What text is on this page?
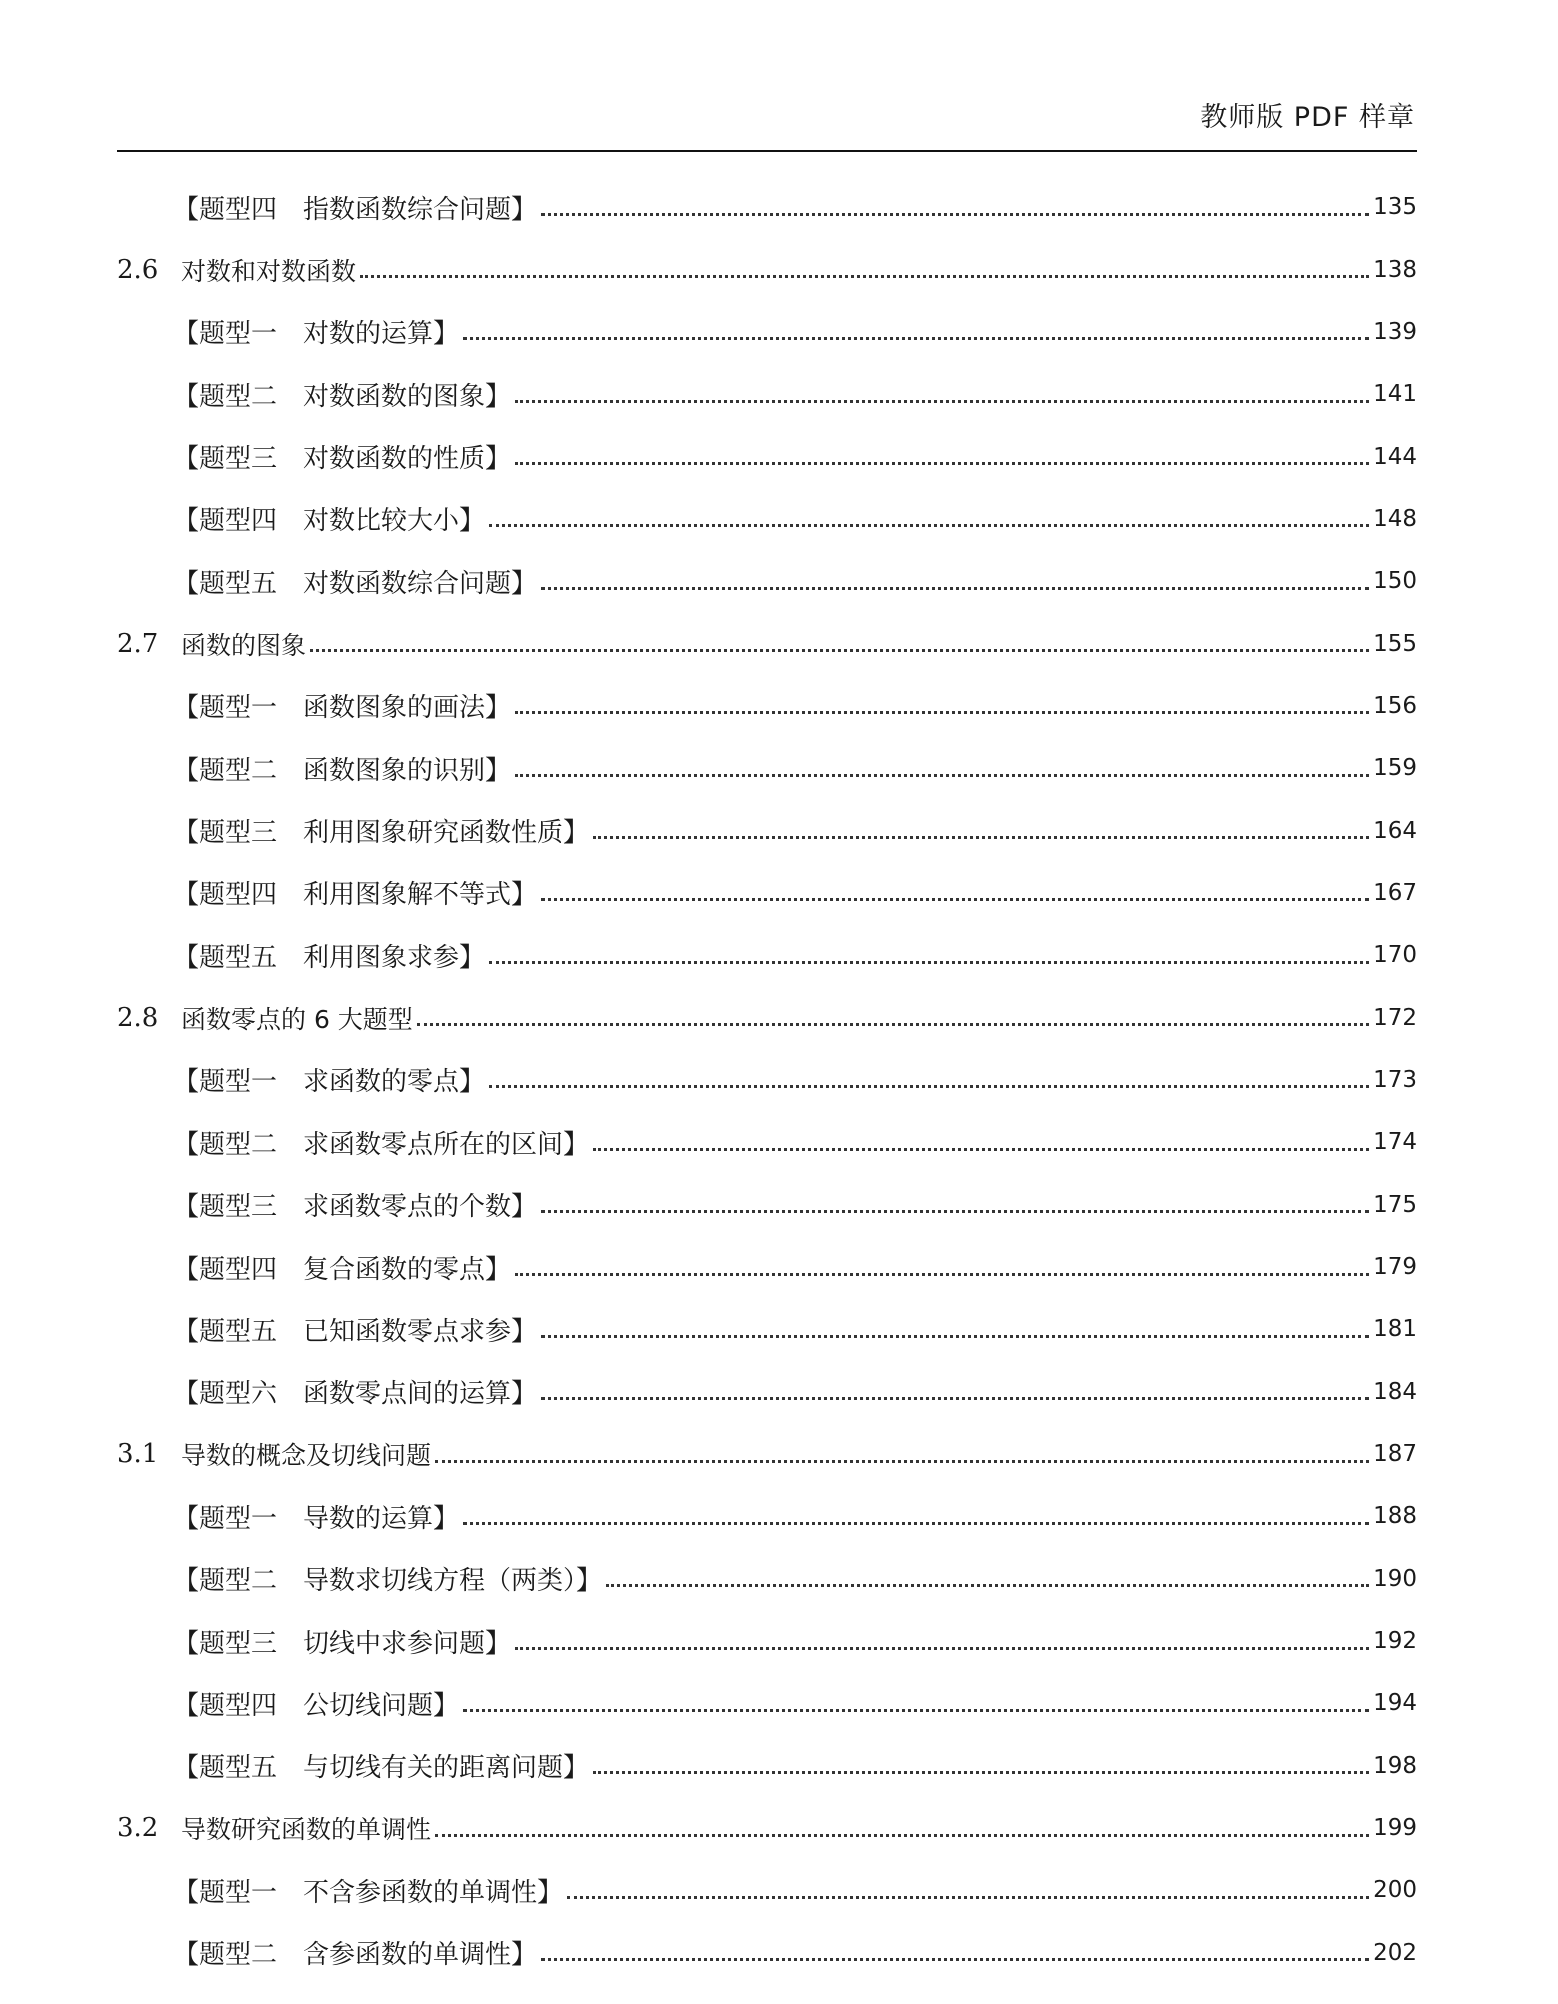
教师版 PDF 样章
【题型四　指数函数综合问题】	135
2.6 对数和对数函数	138
【题型一　对数的运算】	139
【题型二　对数函数的图象】	141
【题型三　对数函数的性质】	144
【题型四　对数比较大小】	148
【题型五　对数函数综合问题】	150
2.7 函数的图象	155
【题型一　函数图象的画法】	156
【题型二　函数图象的识别】	159
【题型三　利用图象研究函数性质】	164
【题型四　利用图象解不等式】	167
【题型五　利用图象求参】	170
2.8 函数零点的 6 大题型	172
【题型一　求函数的零点】	173
【题型二　求函数零点所在的区间】	174
【题型三　求函数零点的个数】	175
【题型四　复合函数的零点】	179
【题型五　已知函数零点求参】	181
【题型六　函数零点间的运算】	184
3.1 导数的概念及切线问题	187
【题型一　导数的运算】	188
【题型二　导数求切线方程（两类）】	190
【题型三　切线中求参问题】	192
【题型四　公切线问题】	194
【题型五　与切线有关的距离问题】	198
3.2 导数研究函数的单调性	199
【题型一　不含参函数的单调性】	200
【题型二　含参函数的单调性】	202
